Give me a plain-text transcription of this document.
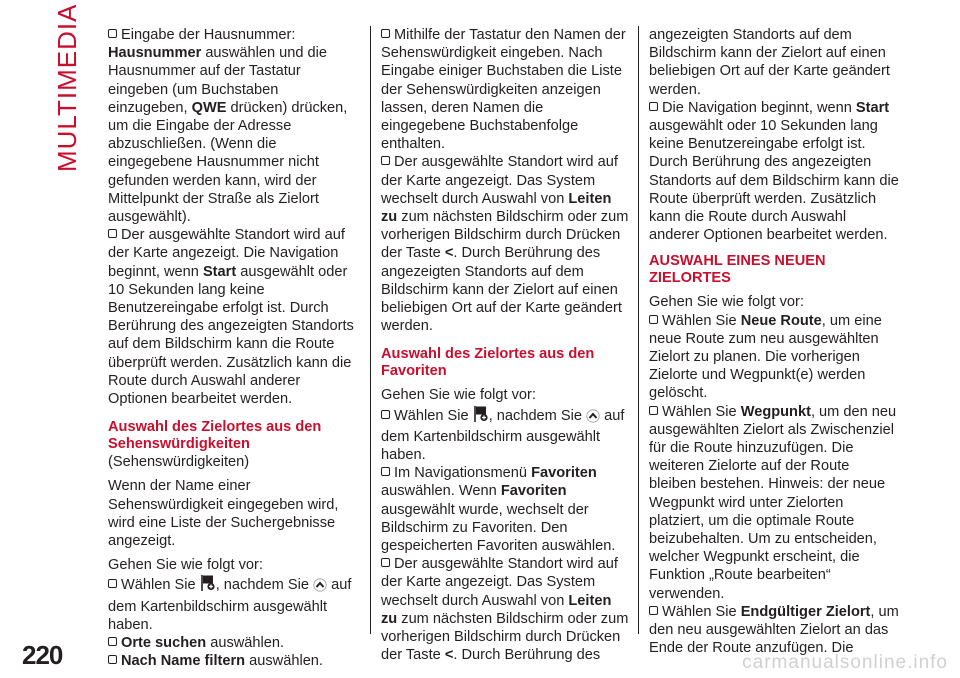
MULTIMEDIA
220	carmanualsonline.info

Eingabe der Hausnummer:
Hausnummer auswählen und die Hausnummer auf der Tastatur eingeben (um Buchstaben einzugeben, QWE drücken) drücken, um die Eingabe der Adresse abzuschließen. (Wenn die eingegebene Hausnummer nicht gefunden werden kann, wird der Mittelpunkt der Straße als Zielort ausgewählt).

Der ausgewählte Standort wird auf der Karte angezeigt. Die Navigation beginnt, wenn Start ausgewählt oder 10 Sekunden lang keine Benutzereingabe erfolgt ist. Durch Berührung des angezeigten Standorts auf dem Bildschirm kann die Route überprüft werden. Zusätzlich kann die Route durch Auswahl anderer Optionen bearbeitet werden.

Auswahl des Zielortes aus den Sehenswürdigkeiten

(Sehenswürdigkeiten)

Wenn der Name einer Sehenswürdigkeit eingegeben wird, wird eine Liste der Suchergebnisse angezeigt.

Gehen Sie wie folgt vor:

Wählen Sie , nachdem Sie  auf dem Kartenbildschirm ausgewählt haben.

Orte suchen auswählen.

Nach Name filtern auswählen.

Mithilfe der Tastatur den Namen der Sehenswürdigkeit eingeben. Nach Eingabe einiger Buchstaben die Liste der Sehenswürdigkeiten anzeigen lassen, deren Namen die eingegebene Buchstabenfolge enthalten.

Der ausgewählte Standort wird auf der Karte angezeigt. Das System wechselt durch Auswahl von Leiten zu zum nächsten Bildschirm oder zum vorherigen Bildschirm durch Drücken der Taste <. Durch Berührung des angezeigten Standorts auf dem Bildschirm kann der Zielort auf einen beliebigen Ort auf der Karte geändert werden.

Auswahl des Zielortes aus den Favoriten

Gehen Sie wie folgt vor:

Wählen Sie , nachdem Sie  auf dem Kartenbildschirm ausgewählt haben.

Im Navigationsmenü Favoriten auswählen. Wenn Favoriten ausgewählt wurde, wechselt der Bildschirm zu Favoriten. Den gespeicherten Favoriten auswählen.

Der ausgewählte Standort wird auf der Karte angezeigt. Das System wechselt durch Auswahl von Leiten zu zum nächsten Bildschirm oder zum vorherigen Bildschirm durch Drücken der Taste <. Durch Berührung des

angezeigten Standorts auf dem Bildschirm kann der Zielort auf einen beliebigen Ort auf der Karte geändert werden.

Die Navigation beginnt, wenn Start ausgewählt oder 10 Sekunden lang keine Benutzereingabe erfolgt ist. Durch Berührung des angezeigten Standorts auf dem Bildschirm kann die Route überprüft werden. Zusätzlich kann die Route durch Auswahl anderer Optionen bearbeitet werden.

AUSWAHL EINES NEUEN ZIELORTES

Gehen Sie wie folgt vor:

Wählen Sie Neue Route, um eine neue Route zum neu ausgewählten Zielort zu planen. Die vorherigen Zielorte und Wegpunkt(e) werden gelöscht.

Wählen Sie Wegpunkt, um den neu ausgewählten Zielort als Zwischenziel für die Route hinzuzufügen. Die weiteren Zielorte auf der Route bleiben bestehen. Hinweis: der neue Wegpunkt wird unter Zielorten platziert, um die optimale Route beizubehalten. Um zu entscheiden, welcher Wegpunkt erscheint, die Funktion „Route bearbeiten“ verwenden.

Wählen Sie Endgültiger Zielort, um den neu ausgewählten Zielort an das Ende der Route anzufügen. Die
